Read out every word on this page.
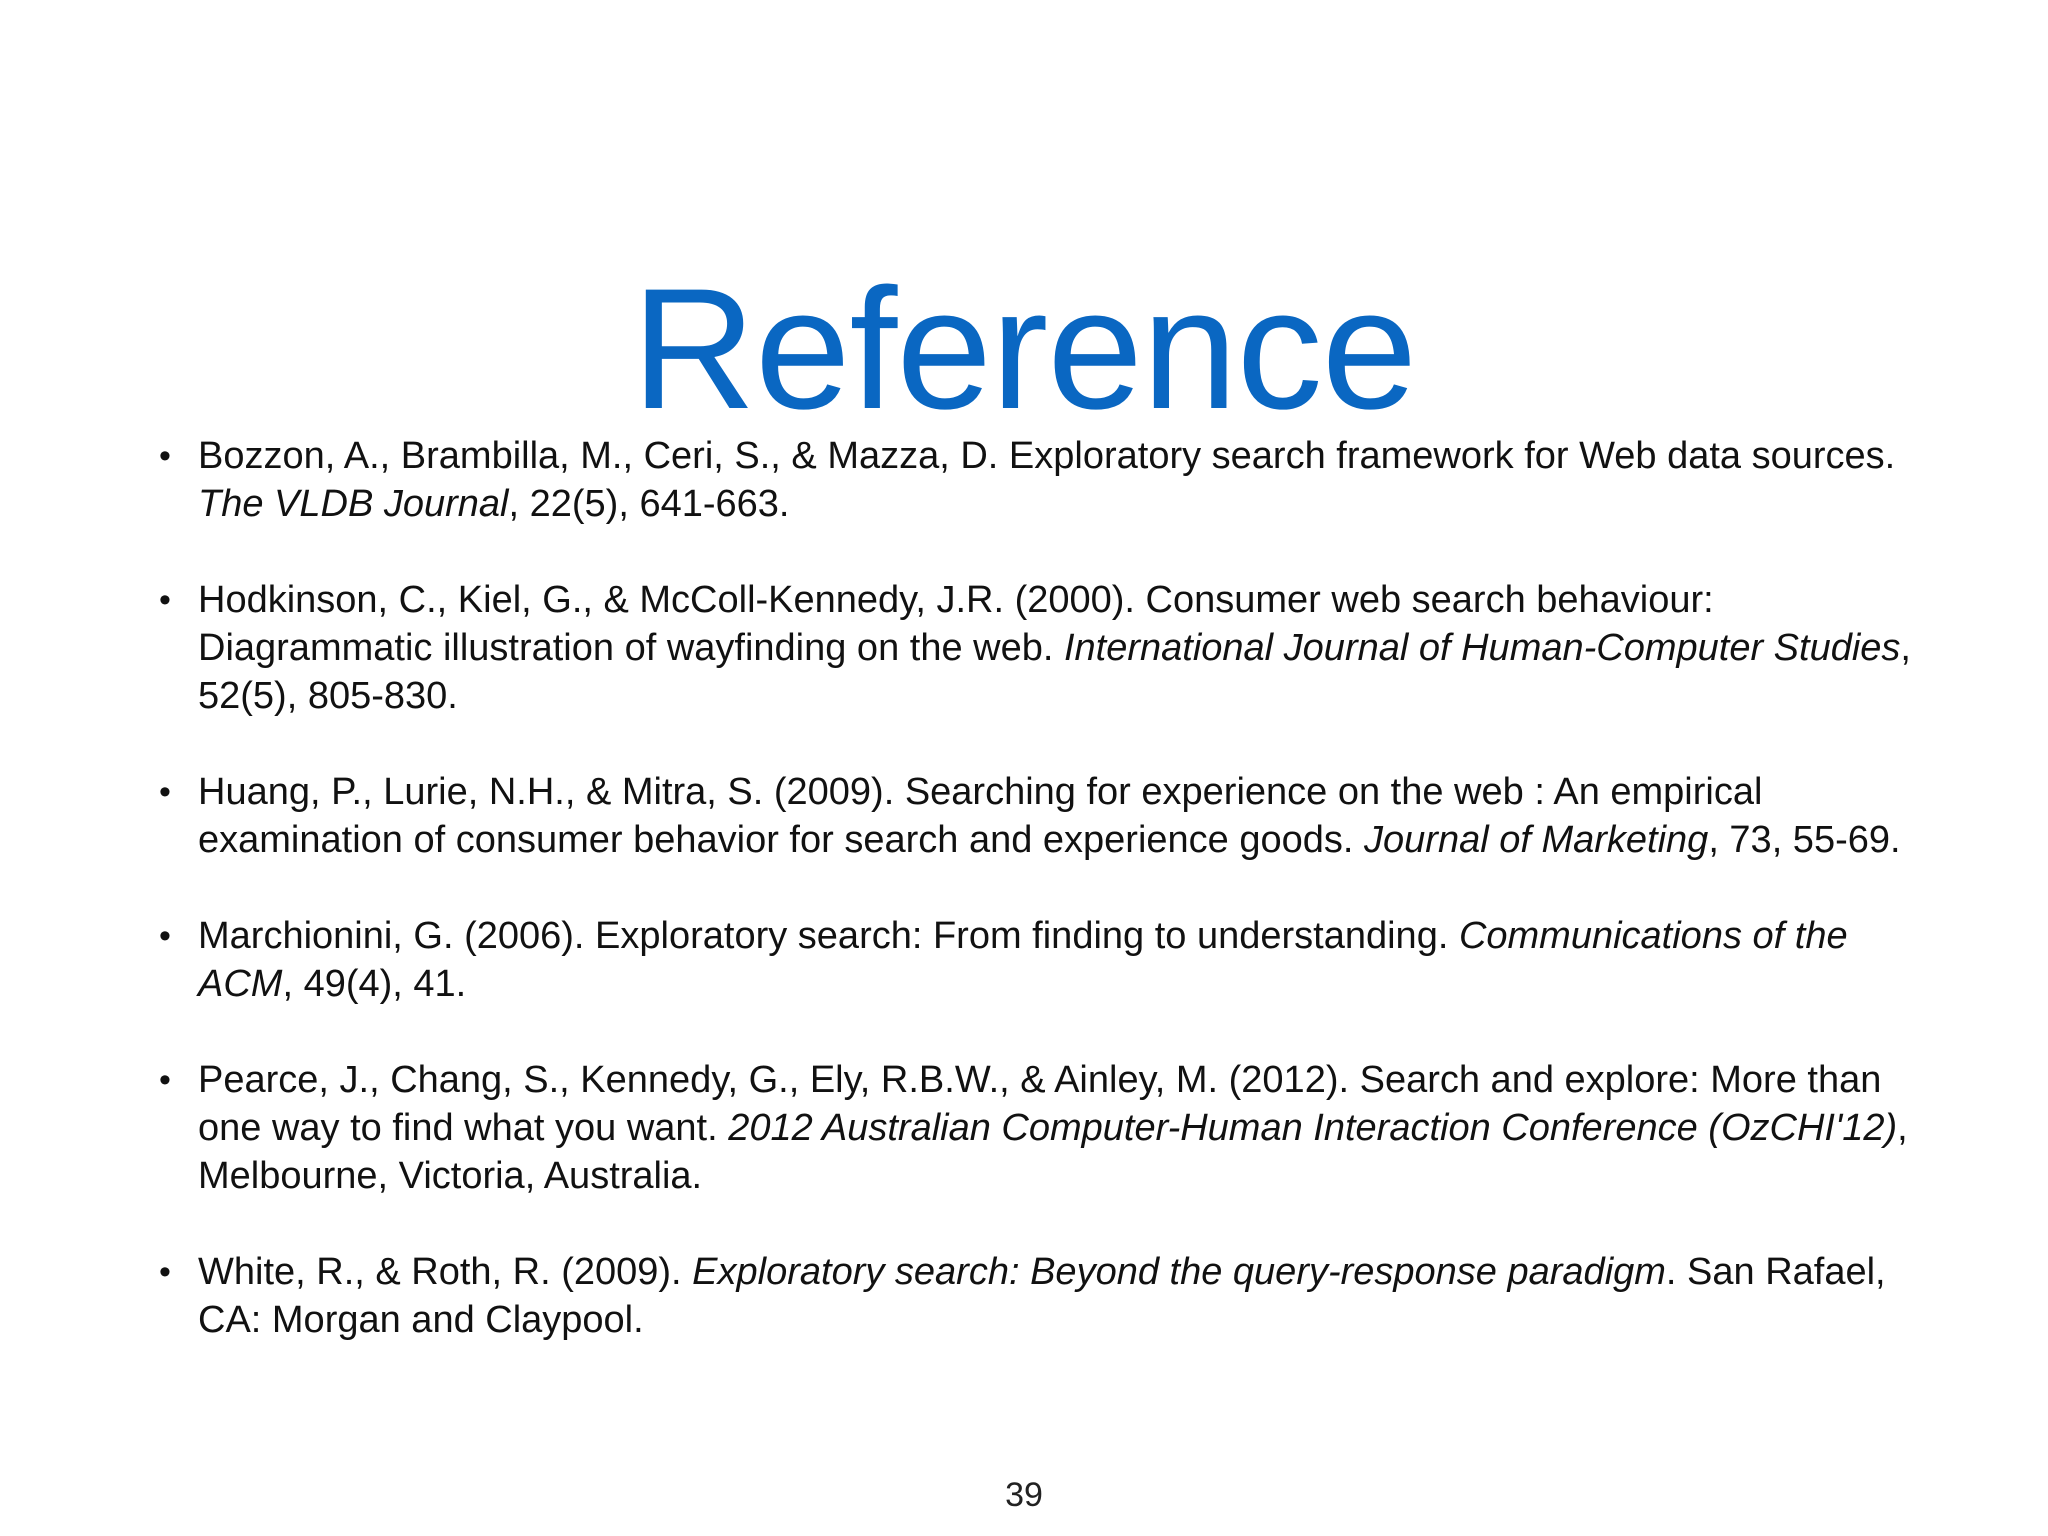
Reference
• Bozzon, A., Brambilla, M., Ceri, S., & Mazza, D. Exploratory search framework for Web data sources. The VLDB Journal, 22(5), 641-663.
• Hodkinson, C., Kiel, G., & McColl-Kennedy, J.R. (2000). Consumer web search behaviour: Diagrammatic illustration of wayfinding on the web. International Journal of Human-Computer Studies, 52(5), 805-830.
• Huang, P., Lurie, N.H., & Mitra, S. (2009). Searching for experience on the web : An empirical examination of consumer behavior for search and experience goods. Journal of Marketing, 73, 55-69.
• Marchionini, G. (2006). Exploratory search: From finding to understanding. Communications of the ACM, 49(4), 41.
• Pearce, J., Chang, S., Kennedy, G., Ely, R.B.W., & Ainley, M. (2012). Search and explore: More than one way to find what you want. 2012 Australian Computer-Human Interaction Conference (OzCHI'12), Melbourne, Victoria, Australia.
• White, R., & Roth, R. (2009). Exploratory search: Beyond the query-response paradigm. San Rafael, CA: Morgan and Claypool.
39
